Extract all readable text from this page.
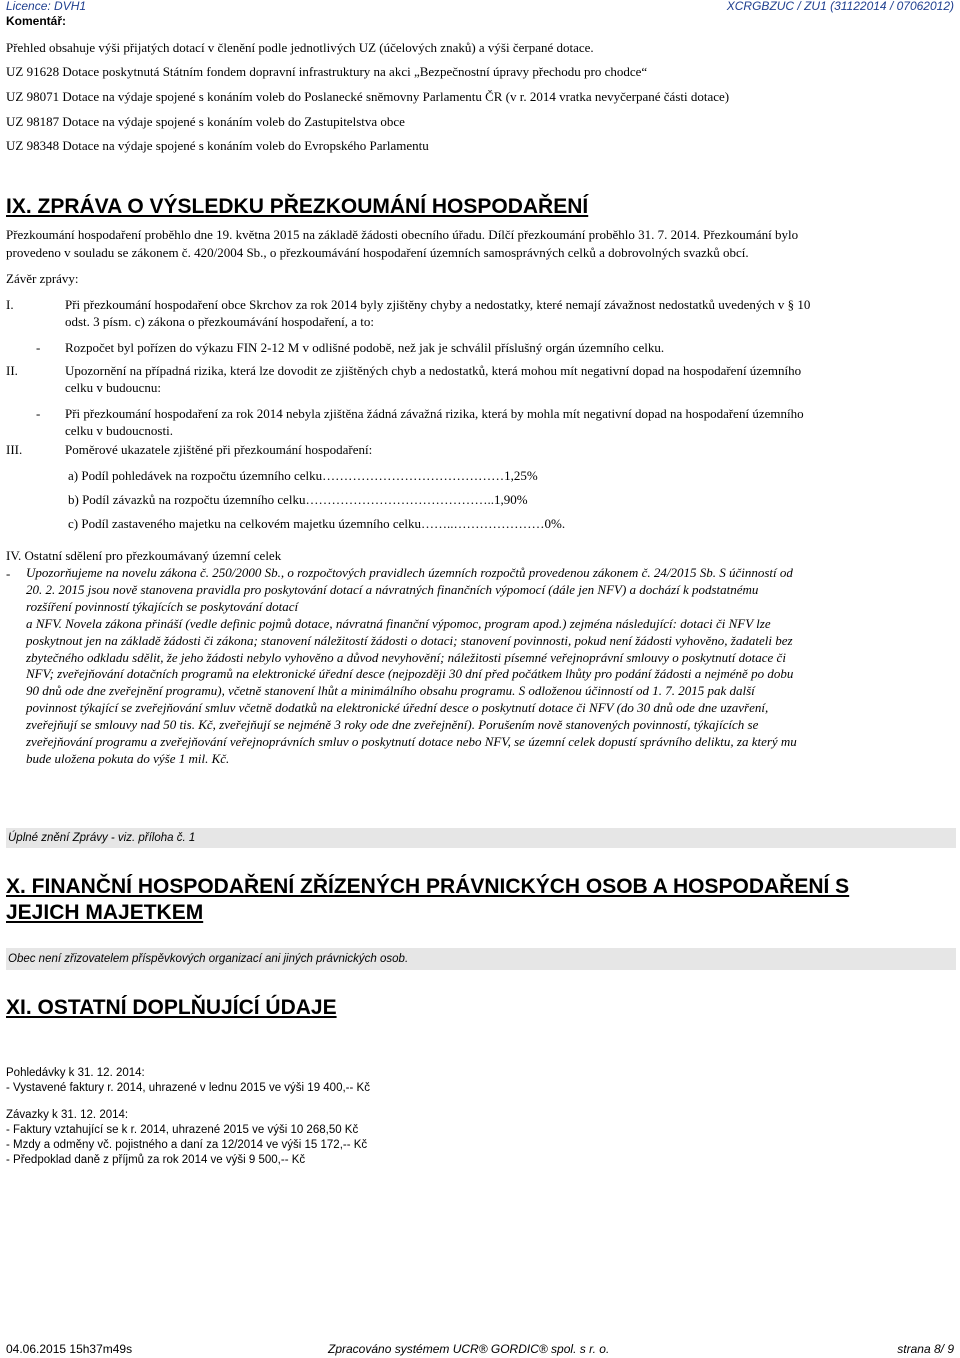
Licence: DVH1	XCRGBZUC / ZU1 (31122014 / 07062012)
Komentář:
Přehled obsahuje výši přijatých dotací v členění podle jednotlivých UZ (účelových znaků) a výši čerpané dotace.
UZ 91628 Dotace poskytnutá Státním fondem dopravní infrastruktury na akci „Bezpečnostní úpravy přechodu pro chodce“
UZ 98071 Dotace na výdaje spojené s konáním voleb do Poslanecké sněmovny Parlamentu ČR (v r. 2014 vratka nevyčerpané části dotace)
UZ 98187 Dotace na výdaje spojené s konáním voleb do Zastupitelstva obce
UZ 98348 Dotace na výdaje spojené s konáním voleb do Evropského Parlamentu
IX. ZPRÁVA O VÝSLEDKU PŘEZKOUMÁNÍ HOSPODAŘENÍ
Přezkoumání hospodaření proběhlo dne 19. května 2015 na základě žádosti obecního úřadu. Dílčí přezkoumání proběhlo 31. 7. 2014. Přezkoumání bylo
provedeno v souladu se zákonem č. 420/2004 Sb., o přezkoumávání hospodaření územních samosprávných celků a dobrovolných svazků obcí.
Závěr zprávy:
I.	Při přezkoumání hospodaření obce Skrchov za rok 2014 byly zjištěny chyby a nedostatky, které nemají závažnost nedostatků uvedených v § 10
odst. 3 písm. c) zákona o přezkoumávání hospodaření, a to:
- Rozpočet byl pořízen do výkazu FIN 2-12 M v odlišné podobě, než jak je schválil příslušný orgán územního celku.
II.	Upozornění na případná rizika, která lze dovodit ze zjištěných chyb a nedostatků, která mohou mít negativní dopad na hospodaření územního
celku v budoucnu:
- Při přezkoumání hospodaření za rok 2014 nebyla zjištěna žádná závažná rizika, která by mohla mít negativní dopad na hospodaření územního
celku v budoucnosti.
III.	Poměrové ukazatele zjištěné při přezkoumání hospodaření:
a) Podíl pohledávek na rozpočtu územního celku……………………………………1,25%
b) Podíl závazků na rozpočtu územního celku……………………………………..1,90%
c) Podíl zastaveného majetku na celkovém majetku územního celku……..…………………0%.
IV. Ostatní sdělení pro přezkoumávaný územní celek
- Upozorňujeme na novelu zákona č. 250/2000 Sb., o rozpočtových pravidlech územních rozpočtů provedenou zákonem č. 24/2015 Sb. S účinností od
20. 2. 2015 jsou nově stanovena pravidla pro poskytování dotací a návratných finančních výpomocí (dále jen NFV) a dochází k podstatnému
rozšíření povinností týkajících se poskytování dotací
a NFV. Novela zákona přináší (vedle definic pojmů dotace, návratná finanční výpomoc, program apod.) zejména následující: dotaci či NFV lze
poskytnout jen na základě žádosti či zákona; stanovení náležitostí žádosti o dotaci; stanovení povinnosti, pokud není žádosti vyhověno, žadateli bez
zbytečného odkladu sdělit, že jeho žádosti nebylo vyhověno a důvod nevyhovění; náležitosti písemné veřejnoprávní smlouvy o poskytnutí dotace či
NFV; zveřejňování dotačních programů na elektronické úřední desce (nejpozději 30 dní před počátkem lhůty pro podání žádosti a nejméně po dobu
90 dnů ode dne zveřejnění programu), včetně stanovení lhůt a minimálního obsahu programu. S odloženou účinností od 1. 7. 2015 pak další
povinnost týkající se zveřejňování smluv včetně dodatků na elektronické úřední desce o poskytnutí dotace či NFV (do 30 dnů ode dne uzavření,
zveřejňují se smlouvy nad 50 tis. Kč, zveřejňují se nejméně 3 roky ode dne zveřejnění). Porušením nově stanovených povinností, týkajících se
zveřejňování programu a zveřejňování veřejnoprávních smluv o poskytnutí dotace nebo NFV, se územní celek dopustí správního deliktu, za který mu
bude uložena pokuta do výše 1 mil. Kč.
Úplné znění Zprávy - viz. příloha č. 1
X. FINANČNÍ HOSPODAŘENÍ ZŘÍZENÝCH PRÁVNICKÝCH OSOB A HOSPODAŘENÍ S
JEJICH MAJETKEM
Obec není zřizovatelem příspěvkových organizací ani jiných právnických osob.
XI. OSTATNÍ DOPLŇUJÍCÍ ÚDAJE
Pohledávky k 31. 12. 2014:
- Vystavené faktury r. 2014, uhrazené v lednu 2015 ve výši 19 400,-- Kč
Závazky k 31. 12. 2014:
- Faktury vztahující se k r. 2014, uhrazené 2015 ve výši 10 268,50 Kč
- Mzdy a odměny vč. pojistného a daní za 12/2014 ve výši 15 172,-- Kč
- Předpoklad daně z příjmů za rok 2014 ve výši 9 500,-- Kč
04.06.2015 15h37m49s	Zpracováno systémem UCR® GORDIC® spol. s r. o.	strana 8/ 9
